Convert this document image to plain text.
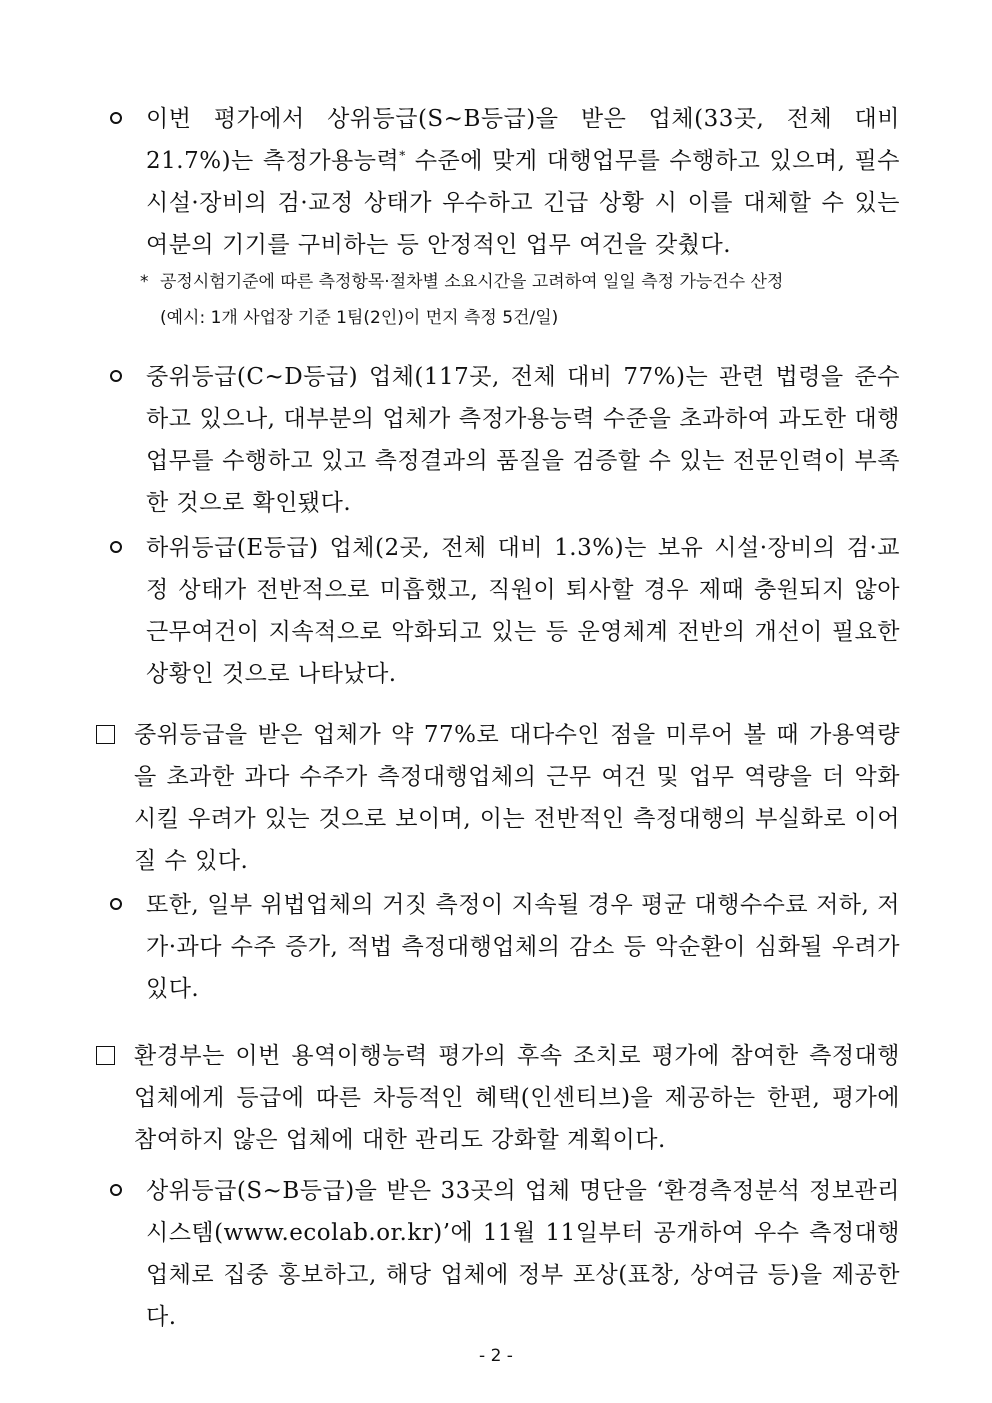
이번 평가에서 상위등급(S~B등급)을 받은 업체(33곳, 전체 대비 21.7%)는 측정가용능력* 수준에 맞게 대행업무를 수행하고 있으며, 필수 시설·장비의 검·교정 상태가 우수하고 긴급 상황 시 이를 대체할 수 있는 여분의 기기를 구비하는 등 안정적인 업무 여건을 갖췄다.
* 공정시험기준에 따른 측정항목·절차별 소요시간을 고려하여 일일 측정 가능건수 산정
(예시: 1개 사업장 기준 1팀(2인)이 먼지 측정 5건/일)
중위등급(C~D등급) 업체(117곳, 전체 대비 77%)는 관련 법령을 준수하고 있으나, 대부분의 업체가 측정가용능력 수준을 초과하여 과도한 대행업무를 수행하고 있고 측정결과의 품질을 검증할 수 있는 전문인력이 부족한 것으로 확인됐다.
하위등급(E등급) 업체(2곳, 전체 대비 1.3%)는 보유 시설·장비의 검·교정 상태가 전반적으로 미흡했고, 직원이 퇴사할 경우 제때 충원되지 않아 근무여건이 지속적으로 악화되고 있는 등 운영체계 전반의 개선이 필요한 상황인 것으로 나타났다.
중위등급을 받은 업체가 약 77%로 대다수인 점을 미루어 볼 때 가용역량을 초과한 과다 수주가 측정대행업체의 근무 여건 및 업무 역량을 더 악화시킬 우려가 있는 것으로 보이며, 이는 전반적인 측정대행의 부실화로 이어질 수 있다.
또한, 일부 위법업체의 거짓 측정이 지속될 경우 평균 대행수수료 저하, 저가·과다 수주 증가, 적법 측정대행업체의 감소 등 악순환이 심화될 우려가 있다.
환경부는 이번 용역이행능력 평가의 후속 조치로 평가에 참여한 측정대행업체에게 등급에 따른 차등적인 혜택(인센티브)을 제공하는 한편, 평가에 참여하지 않은 업체에 대한 관리도 강화할 계획이다.
상위등급(S~B등급)을 받은 33곳의 업체 명단을 ‘환경측정분석 정보관리시스템(www.ecolab.or.kr)’에 11월 11일부터 공개하여 우수 측정대행업체로 집중 홍보하고, 해당 업체에 정부 포상(표창, 상여금 등)을 제공한다.
- 2 -
